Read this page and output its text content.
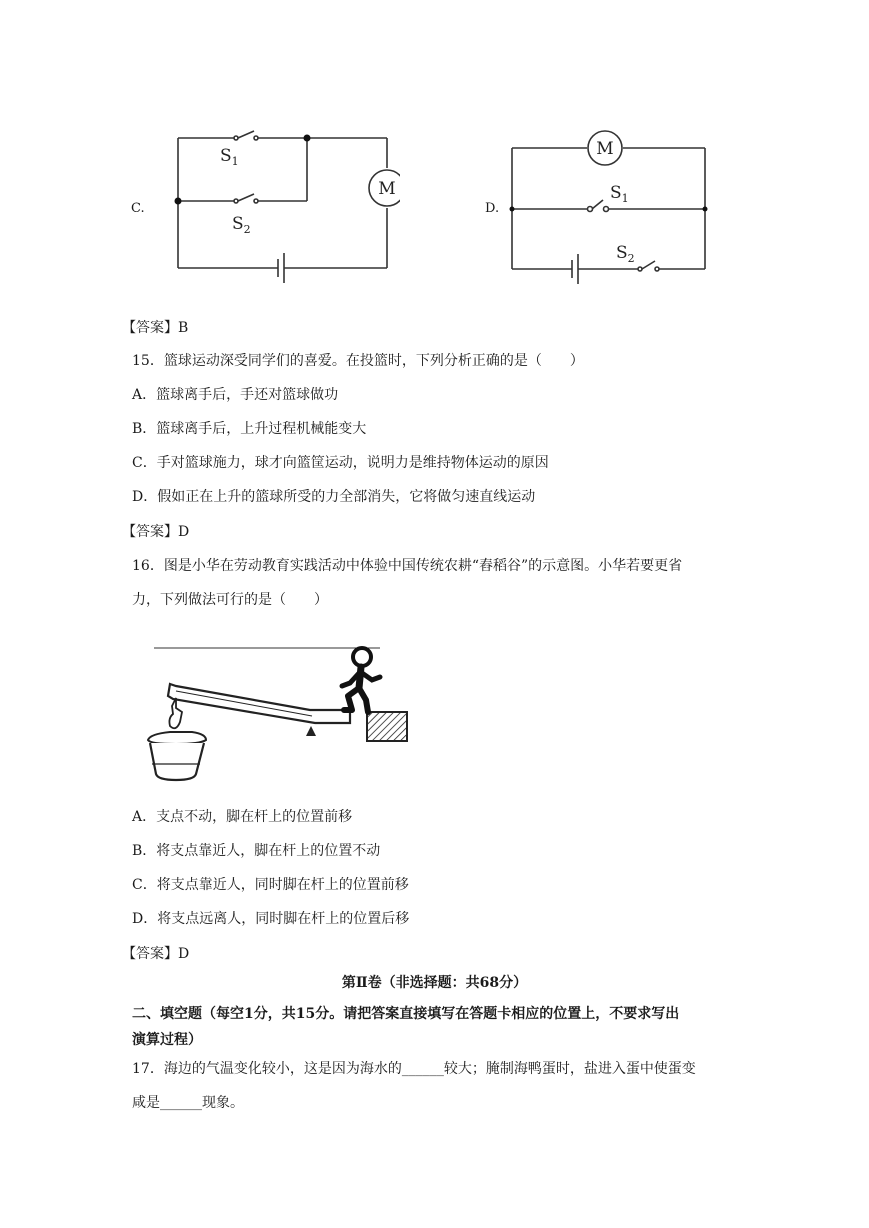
C.
M
$S_1$
$S_2$
D.
M
$S_1$
$S_2$
【答案】B
15．篮球运动深受同学们的喜爱。在投篮时，下列分析正确的是（　　）
A．篮球离手后，手还对篮球做功
B．篮球离手后，上升过程机械能变大
C．手对篮球施力，球才向篮筐运动，说明力是维持物体运动的原因
D．假如正在上升的篮球所受的力全部消失，它将做匀速直线运动
【答案】D
16．图是小华在劳动教育实践活动中体验中国传统农耕“舂稻谷”的示意图。小华若要更省
力，下列做法可行的是（　　）
A．支点不动，脚在杆上的位置前移
B．将支点靠近人，脚在杆上的位置不动
C．将支点靠近人，同时脚在杆上的位置前移
D．将支点远离人，同时脚在杆上的位置后移
【答案】D
第Ⅱ卷（非选择题：共68分）
二、填空题（每空1分，共15分。请把答案直接填写在答题卡相应的位置上，不要求写出
演算过程）
17．海边的气温变化较小，这是因为海水的______较大；腌制海鸭蛋时，盐进入蛋中使蛋变
咸是______现象。
